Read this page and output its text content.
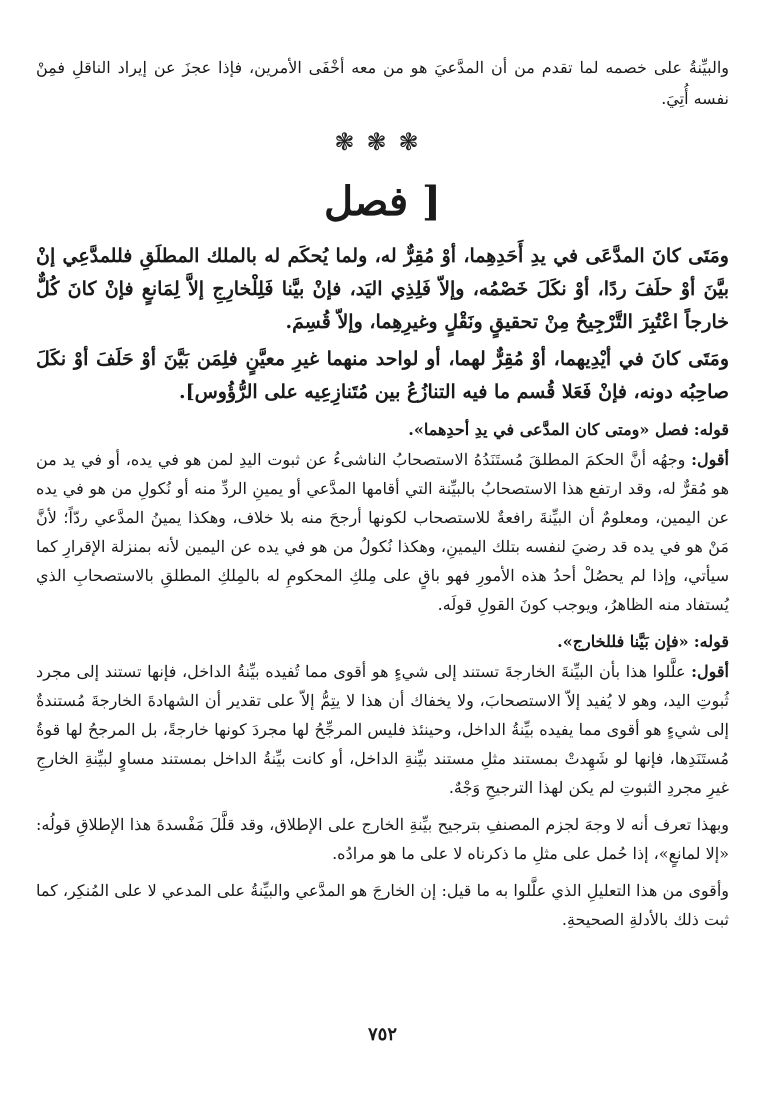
والبيِّنةُ على خصمه لما تقدم من أن المدَّعيَ هو من معه أخْفَى الأمرين، فإذا عجزَ عن إيراد الناقلِ فمِنْ نفسه أُتِيَ.

❃❃❃
[ فصل

ومَتَى كانَ المدَّعَى في يدِ أَحَدِهِما، أوْ مُقِرٌّ له، ولما يُحكَم له بالملك المطلَقِ فللمدَّعِي إنْ بيَّنَ أوْ حلَفَ ردًا، أوْ نكَلَ خَصْمُه، وإلاّ فَلِذِي اليَد، فإنْ بيَّنا فَلِلْخارِجِ إلاَّ لِمَانعٍ فإنْ كانَ كُلٌّ خارجاً اعْتُبِرَ التَّرْجِيحُ مِنْ تحقيقٍ ونَقْلٍ وغيرِهِما، وإلاّ قُسِمَ.

ومَتَى كانَ في أيْدِيهما، أوْ مُقِرٌّ لهما، أو لواحد منهما غيرِ معيَّنٍ فلِمَن بَيَّنَ أوْ حَلَفَ أوْ نكَلَ صاحِبُه دونه، فإنْ فَعَلا قُسم ما فيه التنازُعُ بين مُتَنازِعِيه على الرُّؤُوس].

قوله: فصل «ومتى كان المدَّعى في يدِ أحدِهما».

أقول: وجهُه أنَّ الحكمَ المطلقَ مُستَنَدُهُ الاستصحابُ الناشىءُ عن ثبوت اليدِ لمن هو في يده، أو في يد من هو مُقرٌّ له، وقد ارتفع هذا الاستصحابُ بالبيِّنة التي أقامها المدَّعي أو يمينِ الردِّ منه أو نُكولِ من هو في يده عن اليمين، ومعلومٌ أن البيِّنةَ رافعةٌ للاستصحاب لكونها أرجحَ منه بلا خلاف، وهكذا يمينُ المدَّعي ردّاً؛ لأنَّ مَنْ هو في يده قد رضيَ لنفسه بتلك اليمينِ، وهكذا نُكولُ من هو في يده عن اليمين لأنه بمنزلة الإقرارِ كما سيأتي، وإذا لم يحصُلْ أحدُ هذه الأمورِ فهو باقٍ على مِلكِ المحكومِ له بالمِلكِ المطلقِ بالاستصحابِ الذي يُستفاد منه الظاهرُ، ويوجب كونَ القولِ قولَه.

قوله: «فإن بَيَّنا فللخارج».

أقول: علَّلوا هذا بأن البيِّنةَ الخارجةَ تستند إلى شيءٍ هو أقوى مما تُفيده بيِّنةُ الداخل، فإنها تستند إلى مجرد ثُبوتِ اليد، وهو لا يُفيد إلاّ الاستصحابَ، ولا يخفاك أن هذا لا يتِمُّ إلاّ على تقدير أن الشهادةَ الخارجةَ مُستندةٌ إلى شيءٍ هو أقوى مما يفيده بيِّنةُ الداخل، وحينئذ فليس المرجِّحُ لها مجردَ كونها خارجةً، بل المرجحُ لها قوةُ مُستَنَدِها، فإنها لو شَهِدتْ بمستند مثلِ مستند بيِّنةِ الداخل، أو كانت بيِّنةُ الداخل بمستند مساوٍ لبيِّنةِ الخارجِ غيرِ مجردِ الثبوتِ لم يكن لهذا الترجيحِ وَجْهٌ.

وبهذا تعرف أنه لا وجهَ لجزم المصنفِ بترجيح بيِّنةِ الخارج على الإطلاق، وقد قلَّلَ مَفْسدةَ هذا الإطلاقِ قولُه: «إلا لمانعٍ»، إذا حُمل على مثلِ ما ذكرناه لا على ما هو مرادُه.

وأقوى من هذا التعليلِ الذي علَّلوا به ما قيل: إن الخارجَ هو المدَّعي والبيِّنةُ على المدعي لا على المُنكِر، كما ثبت ذلك بالأدلةِ الصحيحةِ.

٧٥٢
